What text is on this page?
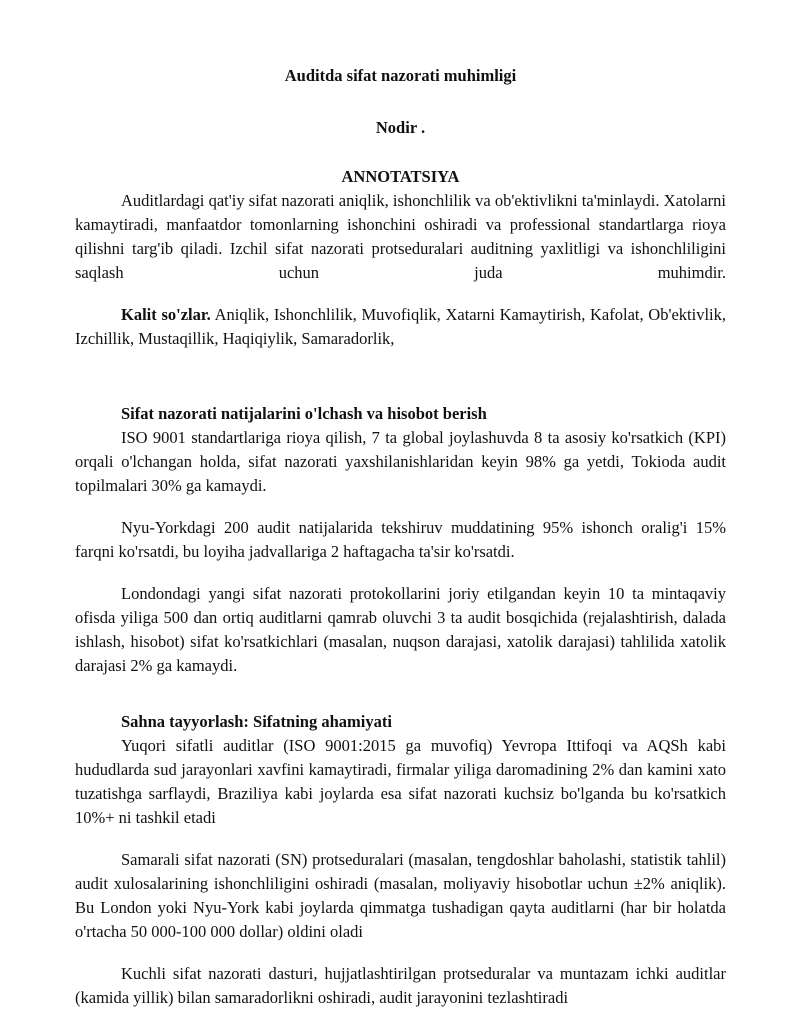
Auditda sifat nazorati muhimligi
Nodir .
ANNOTATSIYA

Auditlardagi qat'iy sifat nazorati aniqlik, ishonchlilik va ob'ektivlikni ta'minlaydi. Xatolarni kamaytiradi, manfaatdor tomonlarning ishonchini oshiradi va professional standartlarga rioya qilishni targ'ib qiladi. Izchil sifat nazorati protseduralari auditning yaxlitligi va ishonchliligini saqlash uchun juda muhimdir.

Kalit so'zlar. Aniqlik, Ishonchlilik, Muvofiqlik, Xatarni Kamaytirish, Kafolat, Ob'ektivlik, Izchillik, Mustaqillik, Haqiqiylik, Samaradorlik,

Sifat nazorati natijalarini o'lchash va hisobot berish

ISO 9001 standartlariga rioya qilish, 7 ta global joylashuvda 8 ta asosiy ko'rsatkich (KPI) orqali o'lchangan holda, sifat nazorati yaxshilanishlaridan keyin 98% ga yetdi, Tokioda audit topilmalari 30% ga kamaydi.

Nyu-Yorkdagi 200 audit natijalarida tekshiruv muddatining 95% ishonch oralig'i 15% farqni ko'rsatdi, bu loyiha jadvallariga 2 haftagacha ta'sir ko'rsatdi.

Londondagi yangi sifat nazorati protokollarini joriy etilgandan keyin 10 ta mintaqaviy ofisda yiliga 500 dan ortiq auditlarni qamrab oluvchi 3 ta audit bosqichida (rejalashtirish, dalada ishlash, hisobot) sifat ko'rsatkichlari (masalan, nuqson darajasi, xatolik darajasi) tahlilida xatolik darajasi 2% ga kamaydi.

Sahna tayyorlash: Sifatning ahamiyati

Yuqori sifatli auditlar (ISO 9001:2015 ga muvofiq) Yevropa Ittifoqi va AQSh kabi hududlarda sud jarayonlari xavfini kamaytiradi, firmalar yiliga daromadining 2% dan kamini xato tuzatishga sarflaydi, Braziliya kabi joylarda esa sifat nazorati kuchsiz bo'lganda bu ko'rsatkich 10%+ ni tashkil etadi

Samarali sifat nazorati (SN) protseduralari (masalan, tengdoshlar baholashi, statistik tahlil) audit xulosalarining ishonchliligini oshiradi (masalan, moliyaviy hisobotlar uchun ±2% aniqlik). Bu London yoki Nyu-York kabi joylarda qimmatga tushadigan qayta auditlarni (har bir holatda o'rtacha 50 000-100 000 dollar) oldini oladi

Kuchli sifat nazorati dasturi, hujjatlashtirilgan protseduralar va muntazam ichki auditlar (kamida yillik) bilan samaradorlikni oshiradi, audit jarayonini tezlashtiradi
